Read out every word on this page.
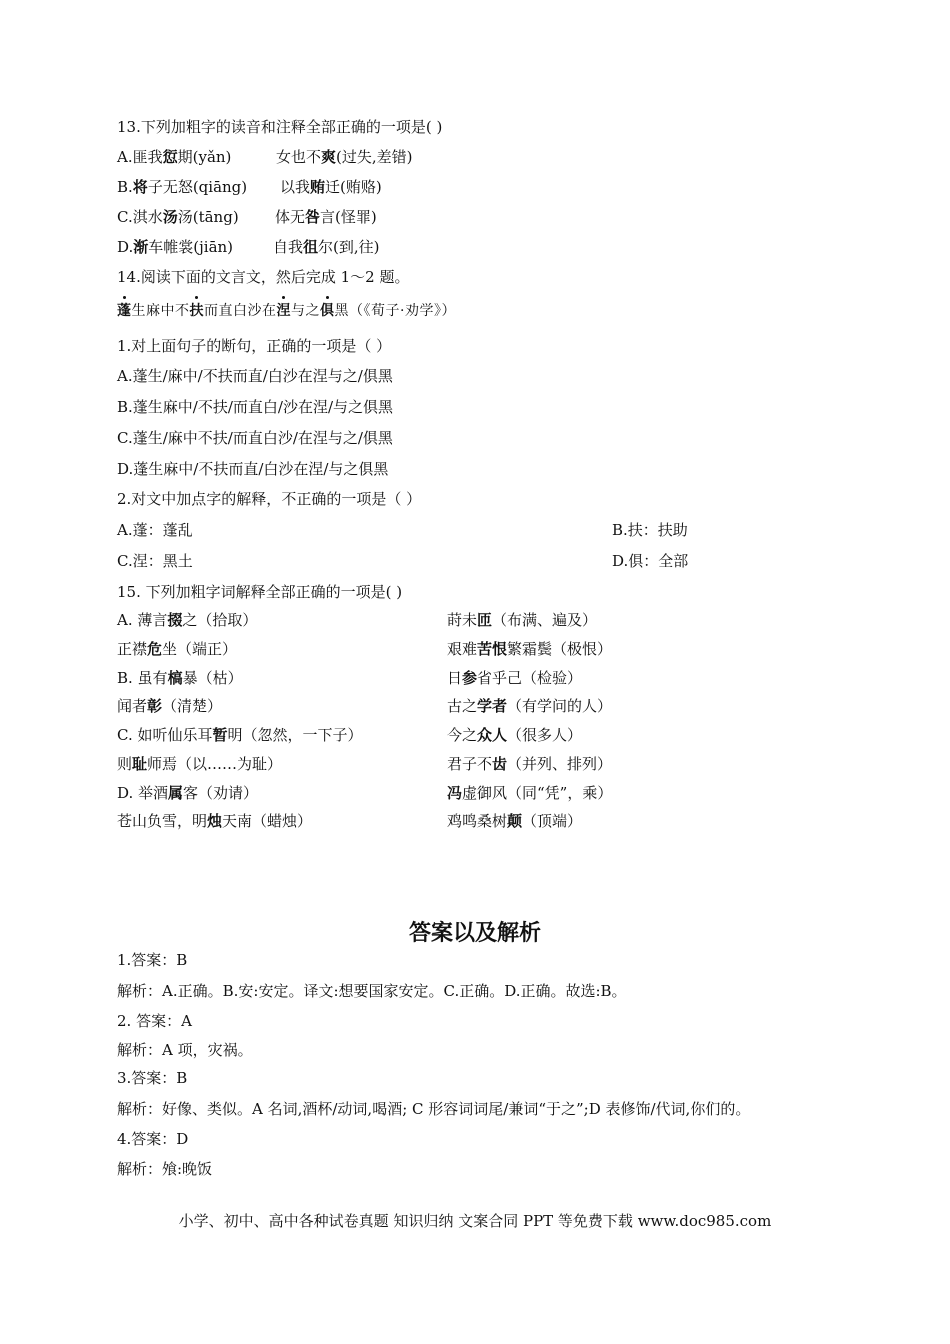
13.下列加粗字的读音和注释全部正确的一项是( )
A.匪我愆期(yǎn)	女也不爽(过失,差错)
B.将子无怒(qiāng) 以我贿迁(贿赂)
C.淇水汤汤(tāng) 体无咎言(怪罪)
D.渐车帷裳(jiān)	自我徂尔(到,往)
14.阅读下面的文言文，然后完成 1～2 题。
蓬生麻中不扶而直白沙在涅与之俱黑（《荀子·劝学》）
1.对上面句子的断句，正确的一项是（ ）
A.蓬生/麻中/不扶而直/白沙在涅与之/俱黑
B.蓬生麻中/不扶/而直白/沙在涅/与之俱黑
C.蓬生/麻中不扶/而直白沙/在涅与之/俱黑
D.蓬生麻中/不扶而直/白沙在涅/与之俱黑
2.对文中加点字的解释，不正确的一项是（ ）
A.蓬：蓬乱	B.扶：扶助
C.涅：黑土	D.俱：全部
15. 下列加粗字词解释全部正确的一项是( )
A. 薄言掇之（拾取）	莳未匝（布满、遍及）
正襟危坐（端正）	艰难苦恨繁霜鬓（极恨）
B. 虽有槁暴（枯）	日参省乎己（检验）
闻者彰（清楚）	古之学者（有学问的人）
C. 如听仙乐耳暂明（忽然，一下子）	今之众人（很多人）
则耻师焉（以……为耻）	君子不齿（并列、排列）
D. 举酒属客（劝请）	冯虚御风（同“凭”，乘）
苍山负雪，明烛天南（蜡烛）	鸡鸣桑树颠（顶端）
答案以及解析
1.答案：B
解析：A.正确。B.安:安定。译文:想要国家安定。C.正确。D.正确。故选:B。
2. 答案：A
解析：A 项，灾祸。
3.答案：B
解析：好像、类似。A 名词,酒杯/动词,喝酒; C 形容词词尾/兼词“于之”;D 表修饰/代词,你们的。
4.答案：D
解析：飧:晚饭
小学、初中、高中各种试卷真题 知识归纳 文案合同 PPT 等免费下载 www.doc985.com
